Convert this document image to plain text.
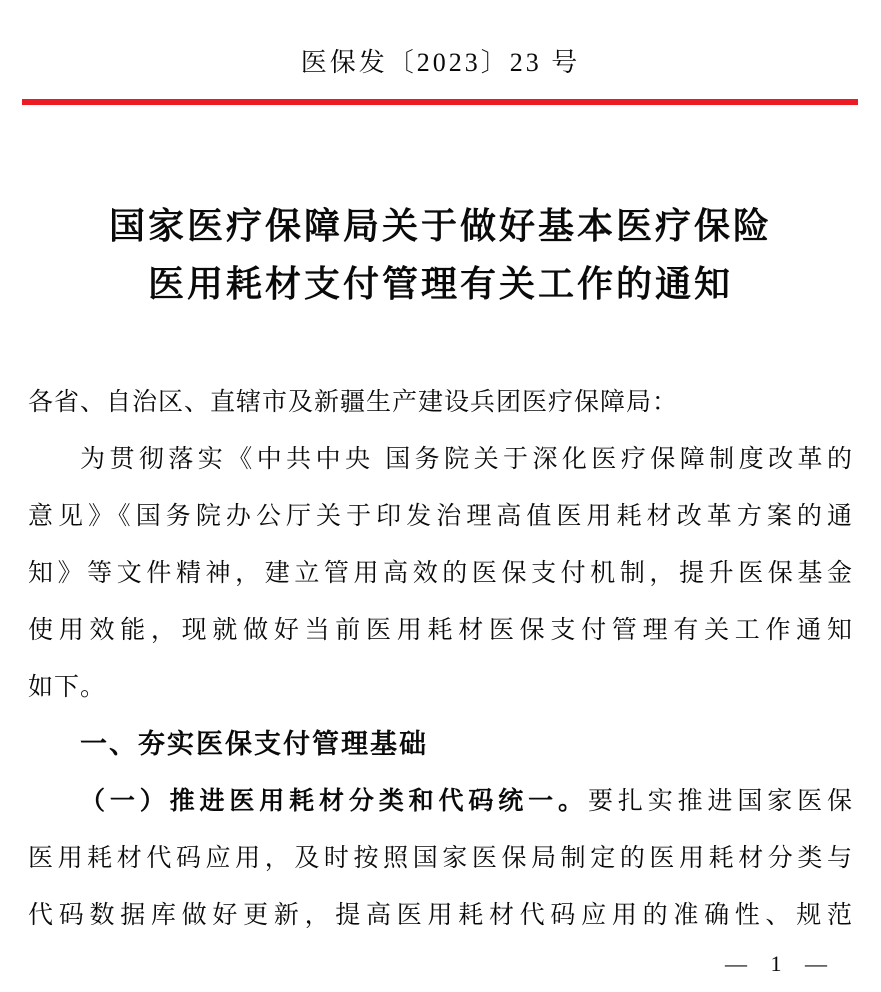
医保发〔2023〕23 号
国家医疗保障局关于做好基本医疗保险
医用耗材支付管理有关工作的通知
各省、自治区、直辖市及新疆生产建设兵团医疗保障局：
为贯彻落实《中共中央 国务院关于深化医疗保障制度改革的
意见》《国务院办公厅关于印发治理高值医用耗材改革方案的通
知》等文件精神，建立管用高效的医保支付机制，提升医保基金
使用效能，现就做好当前医用耗材医保支付管理有关工作通知
如下。
一、夯实医保支付管理基础
（一）推进医用耗材分类和代码统一。要扎实推进国家医保
医用耗材代码应用，及时按照国家医保局制定的医用耗材分类与
代码数据库做好更新，提高医用耗材代码应用的准确性、规范
— 1 —
